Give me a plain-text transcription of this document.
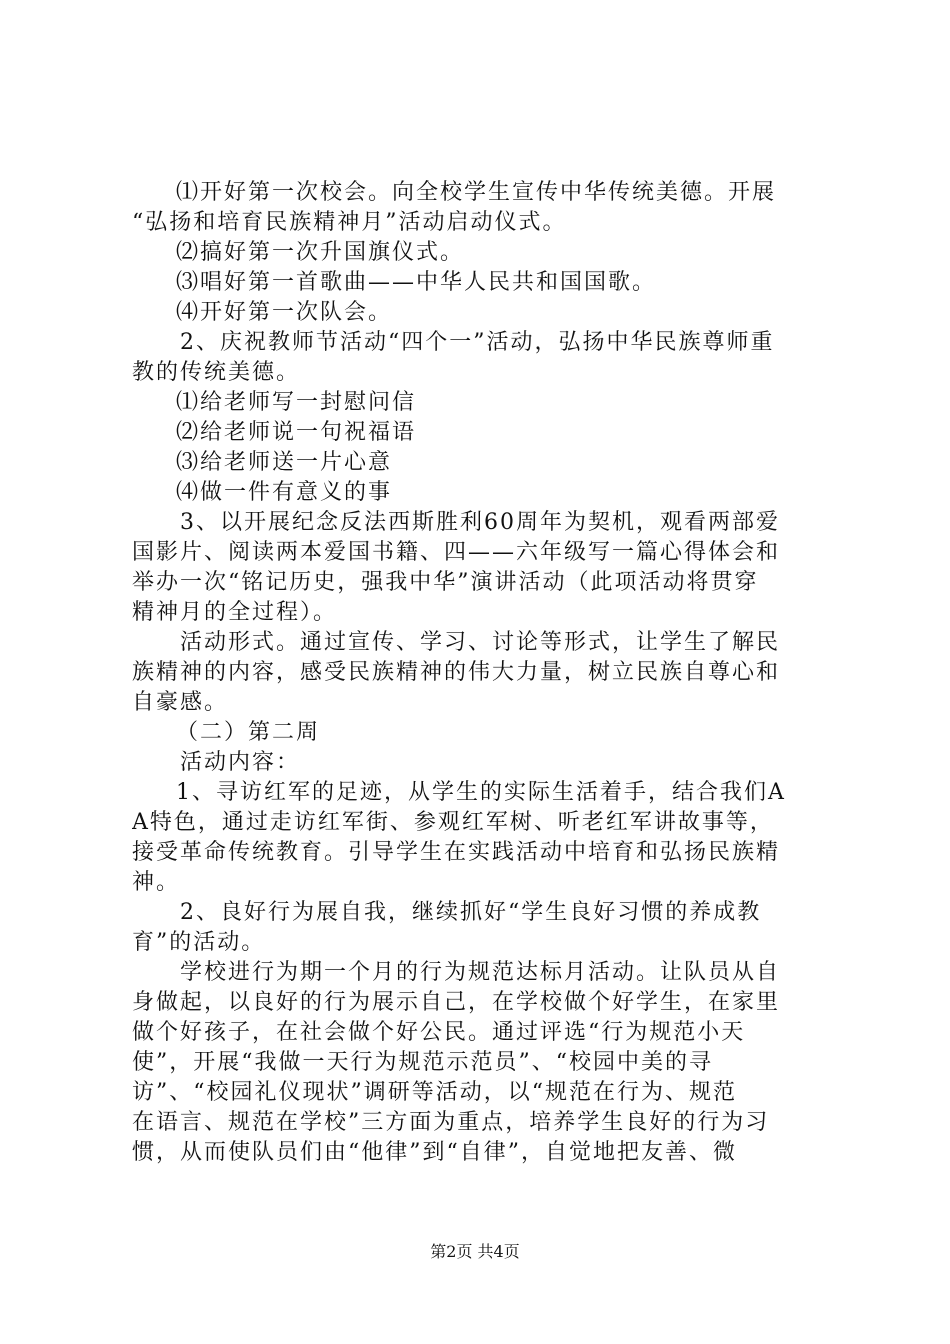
⑴开好第一次校会。向全校学生宣传中华传统美德。开展
“弘扬和培育民族精神月”活动启动仪式。
⑵搞好第一次升国旗仪式。
⑶唱好第一首歌曲——中华人民共和国国歌。
⑷开好第一次队会。
2、庆祝教师节活动“四个一”活动，弘扬中华民族尊师重
教的传统美德。
⑴给老师写一封慰问信
⑵给老师说一句祝福语
⑶给老师送一片心意
⑷做一件有意义的事
3、以开展纪念反法西斯胜利60周年为契机，观看两部爱
国影片、阅读两本爱国书籍、四——六年级写一篇心得体会和
举办一次“铭记历史，强我中华”演讲活动（此项活动将贯穿
精神月的全过程）。
活动形式。通过宣传、学习、讨论等形式，让学生了解民
族精神的内容，感受民族精神的伟大力量，树立民族自尊心和
自豪感。
（二）第二周
活动内容：
1、寻访红军的足迹，从学生的实际生活着手，结合我们A
A特色，通过走访红军街、参观红军树、听老红军讲故事等，
接受革命传统教育。引导学生在实践活动中培育和弘扬民族精
神。
2、良好行为展自我，继续抓好“学生良好习惯的养成教
育”的活动。
学校进行为期一个月的行为规范达标月活动。让队员从自
身做起，以良好的行为展示自己，在学校做个好学生，在家里
做个好孩子，在社会做个好公民。通过评选“行为规范小天
使”，开展“我做一天行为规范示范员”、“校园中美的寻
访”、“校园礼仪现状”调研等活动，以“规范在行为、规范
在语言、规范在学校”三方面为重点，培养学生良好的行为习
惯，从而使队员们由“他律”到“自律”，自觉地把友善、微
第2页 共4页
